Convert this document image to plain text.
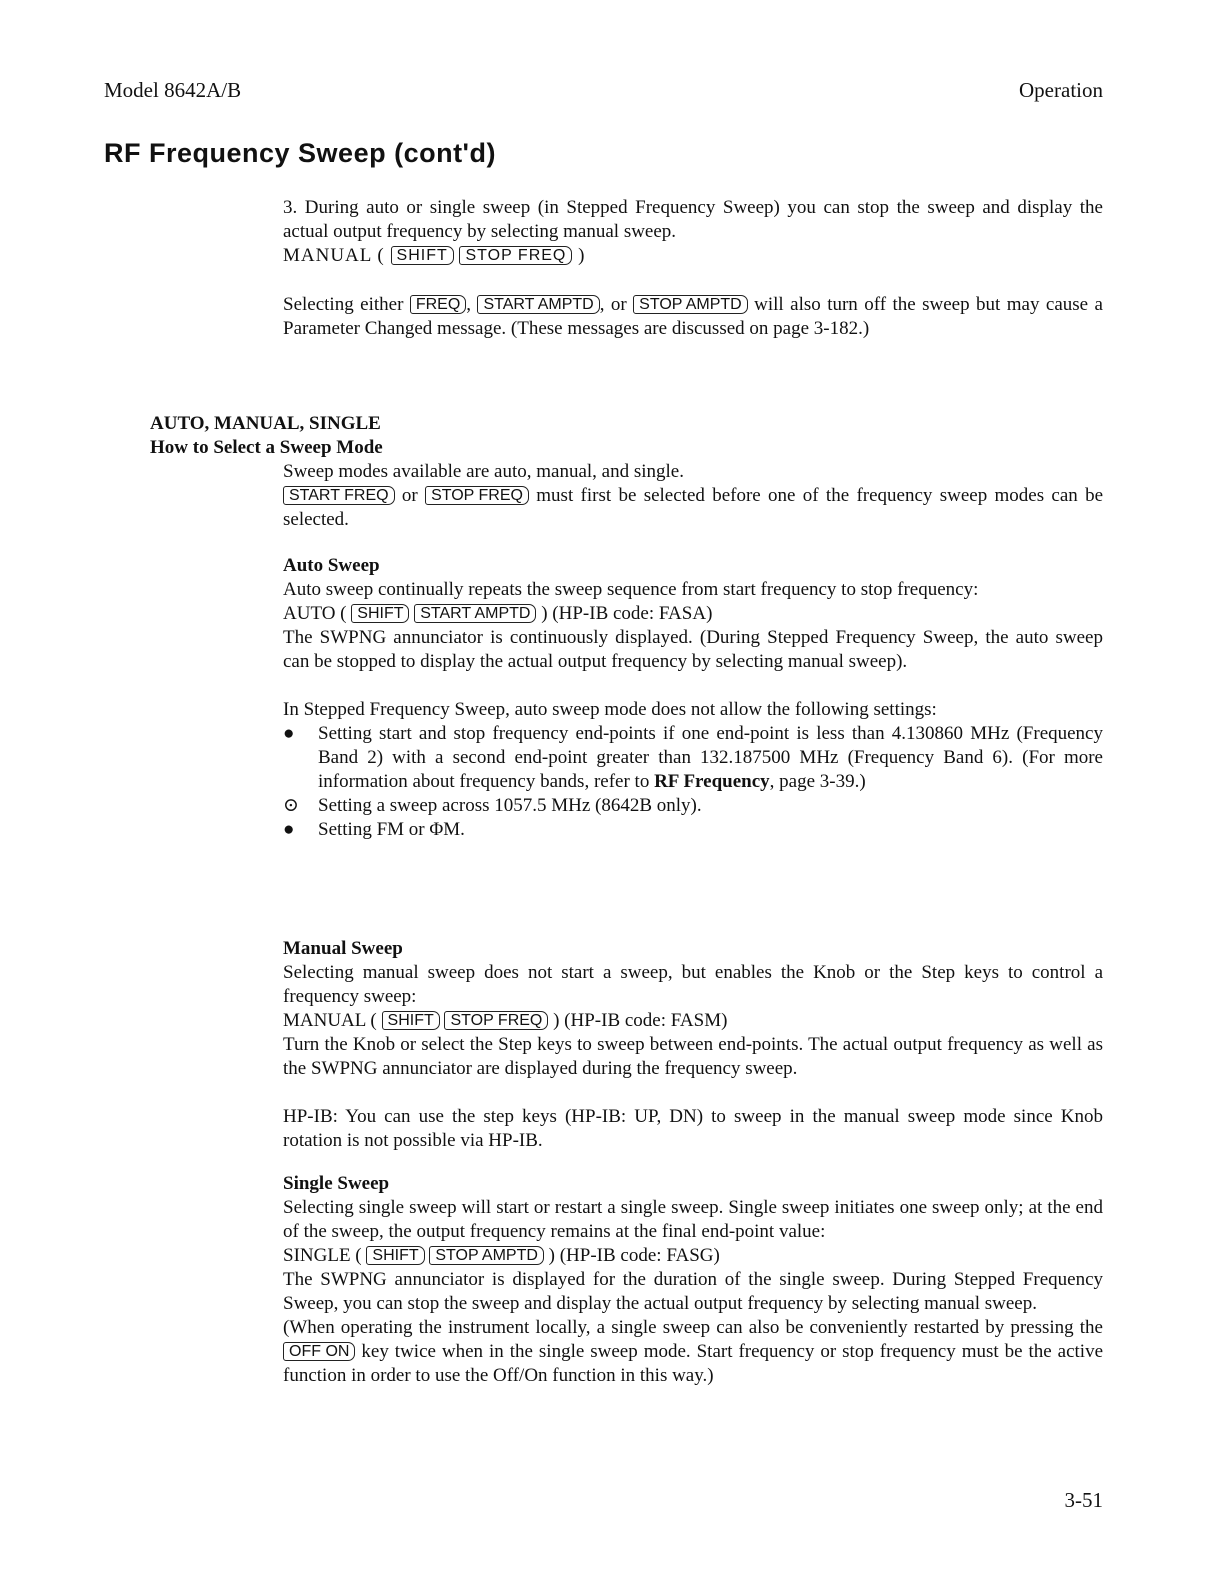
Model 8642A/B	Operation
RF Frequency Sweep (cont'd)

3. During auto or single sweep (in Stepped Frequency Sweep) you can stop the sweep and display the actual output frequency by selecting manual sweep.

MANUAL ( SHIFT STOP FREQ )

Selecting either FREQ , START AMPTD , or STOP AMPTD will also turn off the sweep but may cause a Parameter Changed message. (These messages are discussed on page 3-182.)

AUTO, MANUAL, SINGLE
How to Select a Sweep Mode

Sweep modes available are auto, manual, and single.

START FREQ or STOP FREQ must first be selected before one of the frequency sweep modes can be selected.

Auto Sweep

Auto sweep continually repeats the sweep sequence from start frequency to stop frequency:

AUTO ( SHIFT START AMPTD ) (HP-IB code: FASA)

The SWPNG annunciator is continuously displayed. (During Stepped Frequency Sweep, the auto sweep can be stopped to display the actual output frequency by selecting manual sweep).

In Stepped Frequency Sweep, auto sweep mode does not allow the following settings:

● Setting start and stop frequency end-points if one end-point is less than 4.130860 MHz (Frequency Band 2) with a second end-point greater than 132.187500 MHz (Frequency Band 6). (For more information about frequency bands, refer to RF Frequency, page 3-39.)

⊙ Setting a sweep across 1057.5 MHz (8642B only).

● Setting FM or ΦM.

Manual Sweep

Selecting manual sweep does not start a sweep, but enables the Knob or the Step keys to control a frequency sweep:

MANUAL ( SHIFT STOP FREQ ) (HP-IB code: FASM)

Turn the Knob or select the Step keys to sweep between end-points. The actual output frequency as well as the SWPNG annunciator are displayed during the frequency sweep.

HP-IB: You can use the step keys (HP-IB: UP, DN) to sweep in the manual sweep mode since Knob rotation is not possible via HP-IB.

Single Sweep

Selecting single sweep will start or restart a single sweep. Single sweep initiates one sweep only; at the end of the sweep, the output frequency remains at the final end-point value:

SINGLE ( SHIFT STOP AMPTD ) (HP-IB code: FASG)

The SWPNG annunciator is displayed for the duration of the single sweep. During Stepped Frequency Sweep, you can stop the sweep and display the actual output frequency by selecting manual sweep.

(When operating the instrument locally, a single sweep can also be conveniently restarted by pressing the OFF ON key twice when in the single sweep mode. Start frequency or stop frequency must be the active function in order to use the Off/On function in this way.)

3-51
